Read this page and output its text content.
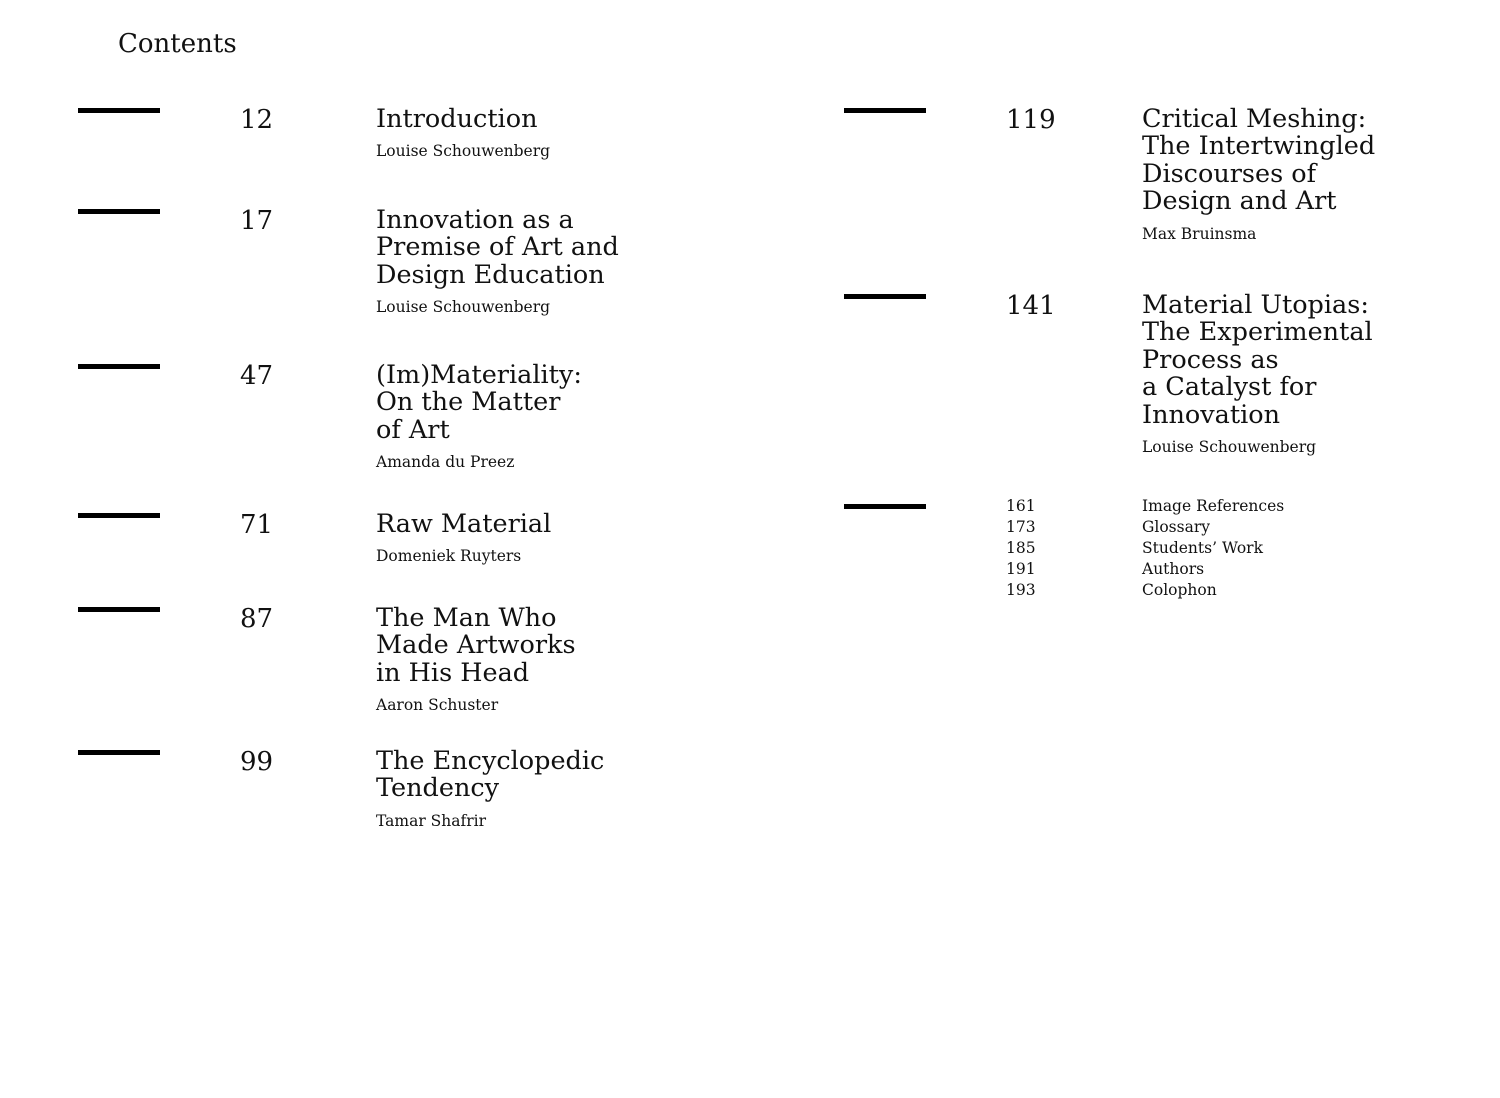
Contents
12	Introduction
Louise Schouwenberg
17	Innovation as a
Premise of Art and
Design Education
Louise Schouwenberg
47	(Im)Materiality:
On the Matter
of Art
Amanda du Preez
71	Raw Material
Domeniek Ruyters
87	The Man Who
Made Artworks
in His Head
Aaron Schuster
99	The Encyclopedic
Tendency
Tamar Shafrir
119	Critical Meshing:
The Intertwingled
Discourses of
Design and Art
Max Bruinsma
141	Material Utopias:
The Experimental
Process as
a Catalyst for
Innovation
Louise Schouwenberg
161	Image References
173	Glossary
185	Students’ Work
191	Authors
193	Colophon
